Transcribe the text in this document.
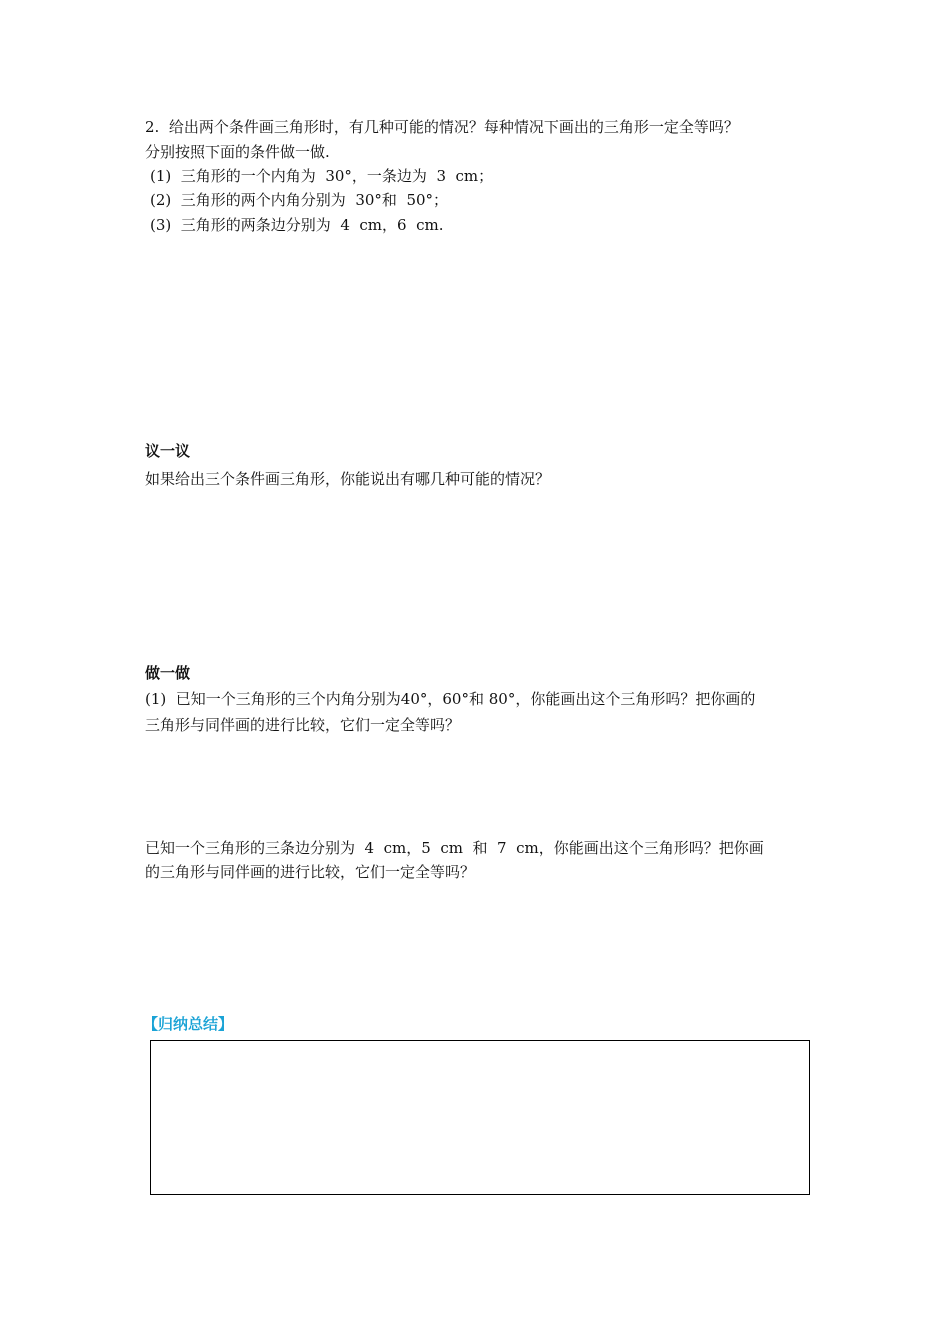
2.  给出两个条件画三角形时，有几种可能的情况？每种情况下画出的三角形一定全等吗？
分别按照下面的条件做一做.
(1)  三角形的一个内角为  30°，一条边为  3  cm；
(2)  三角形的两个内角分别为  30°和  50°；
(3)  三角形的两条边分别为  4  cm，6  cm.
议一议
如果给出三个条件画三角形，你能说出有哪几种可能的情况？
做一做
(1)  已知一个三角形的三个内角分别为40°，60°和 80°，你能画出这个三角形吗？把你画的
三角形与同伴画的进行比较，它们一定全等吗？
已知一个三角形的三条边分别为  4  cm，5  cm  和  7  cm，你能画出这个三角形吗？把你画
的三角形与同伴画的进行比较，它们一定全等吗？
【归纳总结】
